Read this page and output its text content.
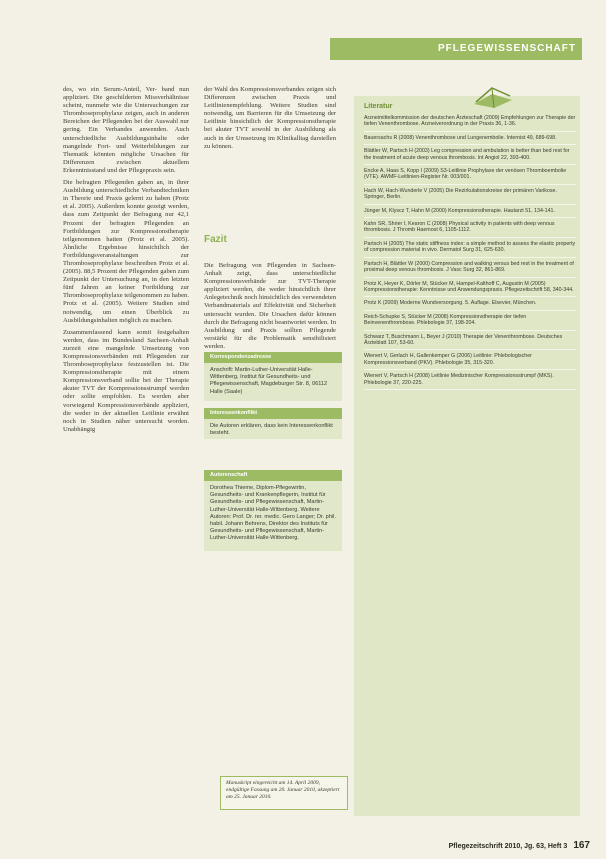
PFLEGEWISSENSCHAFT

des, wo ein Serum-Anteil, Ver- band nun appliziert. Die geschilderten Missverhältnisse scheint, nunmehr wie die Untersuchungen zur Thromboseprophylaxe zeigen, auch in anderen Bereichen der Pflegenden bei der Auswahl nur gering. Ein Verbandes anwenden. Auch unterschiedliche Ausbildungsinhalte oder mangelnde Fort- und Weiterbildungen zur Thematik könnten mögliche Ursachen für Differenzen zwischen aktuellem Erkenntnisstand und der Pflegepraxis sein.

Die befragten Pflegenden gaben an, in ihrer Ausbildung unterschiedliche Verbandtechniken in Theorie und Praxis gelernt zu haben (Protz et al. 2005). Außerdem konnte gezeigt werden, dass zum Zeitpunkt der Befragung nur 42,1 Prozent der befragten Pflegenden an Fortbildungen zur Kompressionstherapie teilgenommen hatten (Protz et al. 2005). Ähnliche Ergebnisse hinsichtlich der Fortbildungsveranstaltungen zur Thromboseprophylaxe beschreiben Protz et al. (2005). 88,5 Prozent der Pflegenden gaben zum Zeitpunkt der Untersuchung an, in den letzten fünf Jahren an keiner Fortbildung zur Thromboseprophylaxe teilgenommen zu haben. Protz et al. (2005). Weitere Studien sind notwendig, um einen Überblick zu Ausbildungsinhalten möglich zu machen.

Zusammenfassend kann somit festgehalten werden, dass im Bundesland Sachsen-Anhalt zurzeit eine mangelnde Umsetzung von Kompressionsverbänden mit Pflegenden zur Thromboseprophylaxe festzustellen ist. Die Kompressionstherapie mit einem Kompressionsverband sollte bei der Therapie akuter TVT der Kompressionsstrumpf werden oder sollte empfohlen. Es werden aber vorwiegend Kompressionsverbände appliziert, die weder in der aktuellen Leitlinie erwähnt noch in Studien näher untersucht worden. Unabhängig

der Wahl des Kompressionsverbandes zeigen sich Differenzen zwischen Praxis und Leitlinienempfehlung. Weitere Studien sind notwendig, um Barrieren für die Umsetzung der Leitlinie hinsichtlich der Kompressionstherapie bei akuter TVT sowohl in der Ausbildung als auch in der Umsetzung im Klinikalltag darstellen zu können.

Fazit

Die Befragung von Pflegenden in Sachsen-Anhalt zeigt, dass unterschiedliche Kompressionsverbände zur TVT-Therapie appliziert werden, die weder hinsichtlich ihrer Anlegetechnik noch hinsichtlich des verwendeten Verbandmaterials auf Effektivität und Sicherheit untersucht wurden. Die Ursachen dafür können durch die Befragung nicht beantwortet werden. In Ausbildung und Praxis sollten Pflegende verstärkt für die Problematik sensibilisiert werden.

Korrespondenzadresse
Anschrift: Martin-Luther-Universität Halle-Wittenberg, Institut für Gesundheits- und Pflegewissenschaft, Magdeburger Str. 8, 06112 Halle (Saale)
Interessenkonflikt
Die Autoren erklären, dass kein Interessenkonflikt besteht.
Autorenschaft
Dorothea Thieme, Diplom-Pflegewirtin, Gesundheits- und Krankenpflegerin, Institut für Gesundheits- und Pflegewissenschaft, Martin-Luther-Universität Halle-Wittenberg. Weitere Autoren: Prof. Dr. rer. medic. Gero Langer; Dr. phil. habil. Johann Behrens, Direktor des Instituts für Gesundheits- und Pflegewissenschaft, Martin-Luther-Universität Halle-Wittenberg.
Manuskript eingereicht am 14. April 2009, endgültige Fassung am 20. Januar 2010, akzeptiert am 25. Januar 2010.
Literatur
Arzneimittelkommission der deutschen Ärzteschaft (2009) Empfehlungen zur Therapie der tiefen Venenthrombose. Arzneiverordnung in der Praxis 36, 1-36.
Bauersachs R (2008) Venenthrombose und Lungenembolie. Internist 49, 689-698.
Blättler W, Partsch H (2003) Leg compression and ambulation is better than bed rest for the treatment of acute deep venous thrombosis. Int Angiol 22, 393-400.
Encke A, Haas S, Kopp I (2009) S3-Leitlinie Prophylaxe der venösen Thromboembolie (VTE). AWMF-Leitlinien-Register Nr. 003/001.
Hach W, Hach-Wunderle V (2005) Die Rezirkulationskreise der primären Varikose. Springer, Berlin.
Jünger M, Klyscz T, Hahn M (2000) Kompressionstherapie. Hautarzt 51, 134-141.
Kahn SR, Shrier I, Kearon C (2008) Physical activity in patients with deep venous thrombosis. J Thromb Haemost 6, 1105-1112.
Partsch H (2005) The static stiffness index: a simple method to assess the elastic property of compression material in vivo. Dermatol Surg 31, 625-630.
Partsch H, Blättler W (2000) Compression and walking versus bed rest in the treatment of proximal deep venous thrombosis. J Vasc Surg 32, 861-869.
Protz K, Heyer K, Dörler M, Stücker M, Hampel-Kalthoff C, Augustin M (2005) Kompressionstherapie: Kenntnisse und Anwendungspraxis. Pflegezeitschrift 58, 340-344.
Protz K (2009) Moderne Wundversorgung. 5. Auflage. Elsevier, München.
Reich-Schupke S, Stücker M (2008) Kompressionstherapie der tiefen Beinvenenthrombose. Phlebologie 37, 198-204.
Schwarz T, Buschmann L, Beyer J (2010) Therapie der Venenthrombose. Deutsches Ärzteblatt 107, 53-60.
Wienert V, Gerlach H, Gallenkemper G (2006) Leitlinie: Phlebologischer Kompressionsverband (PKV). Phlebologie 35, 315-320.
Wienert V, Partsch H (2008) Leitlinie Medizinischer Kompressionsstrumpf (MKS). Phlebologie 37, 220-225.
Pflegezeitschrift 2010, Jg. 63, Heft 3 167
